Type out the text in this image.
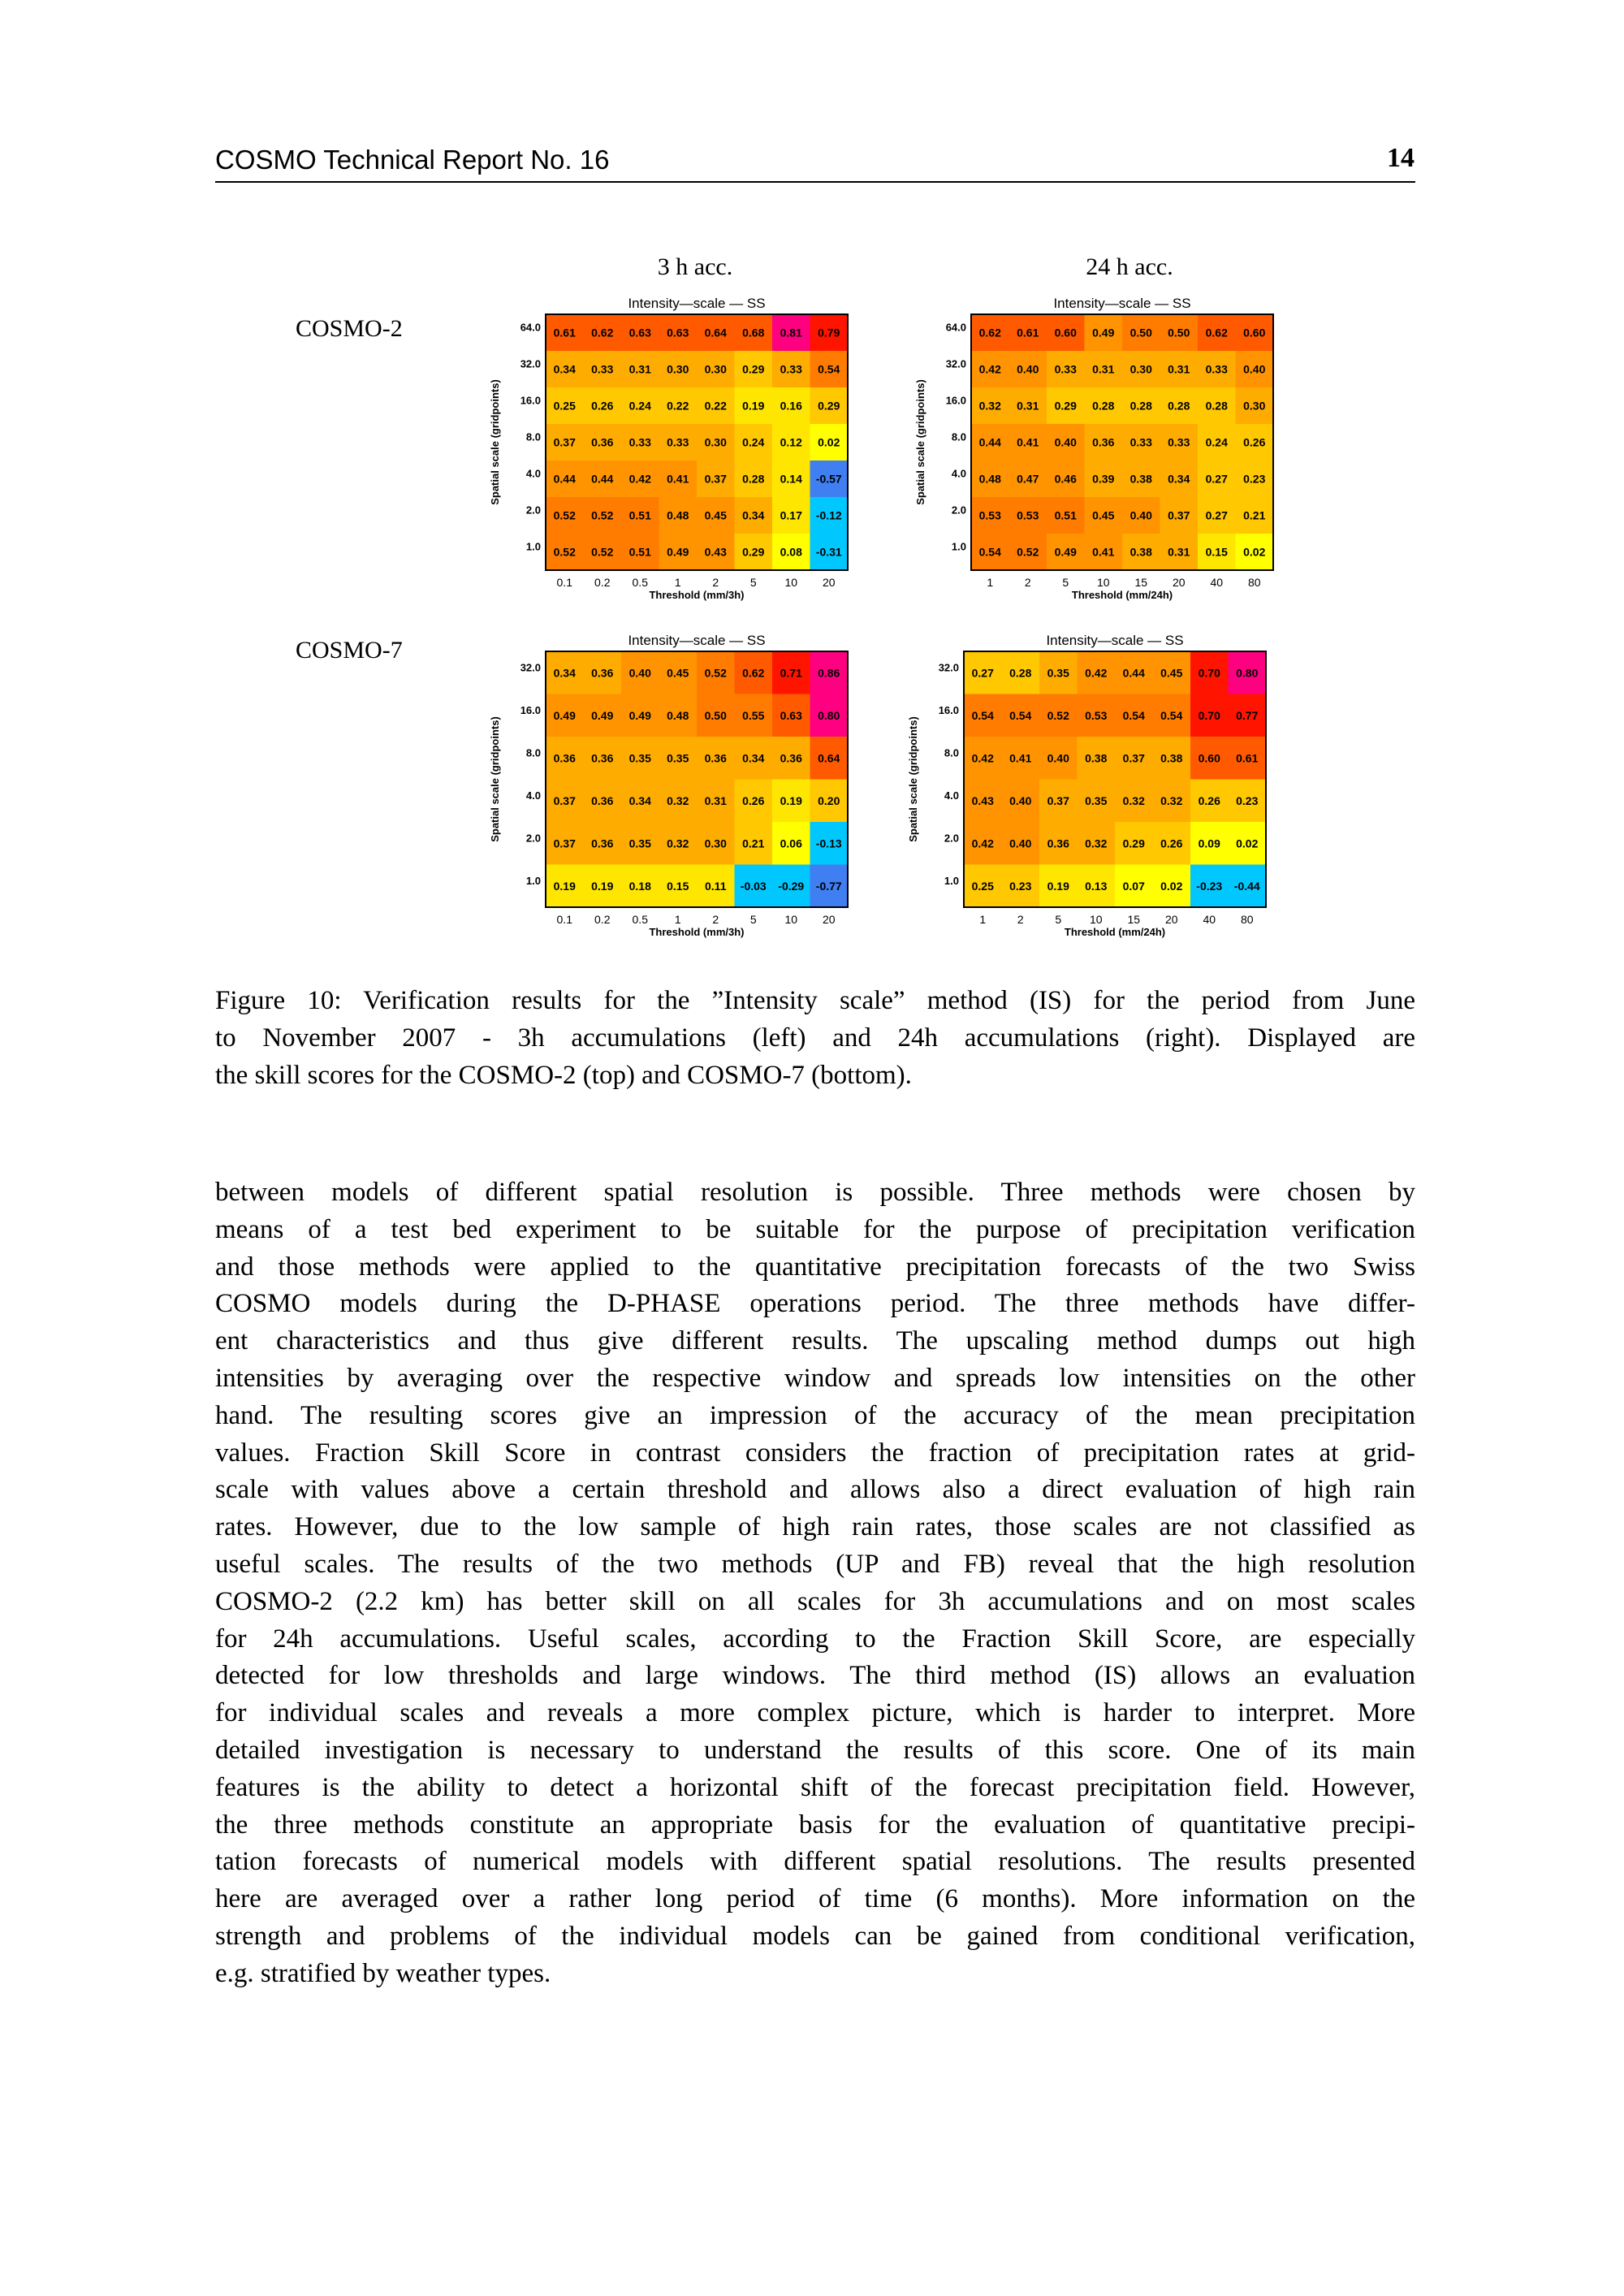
COSMO Technical Report No. 16	14
3 h acc.	24 h acc.
COSMO-2
COSMO-7
Intensity—scale — SS
0.61 0.62 0.63 0.63 0.64 0.68 0.81 0.79
0.34 0.33 0.31 0.30 0.30 0.29 0.33 0.54
0.25 0.26 0.24 0.22 0.22 0.19 0.16 0.29
0.37 0.36 0.33 0.33 0.30 0.24 0.12 0.02
0.44 0.44 0.42 0.41 0.37 0.28 0.14 -0.57
0.52 0.52 0.51 0.48 0.45 0.34 0.17 -0.12
0.52 0.52 0.51 0.49 0.43 0.29 0.08 -0.31
64.0
32.0
16.0
8.0
4.0
2.0
1.0
0.1 0.2 0.5 1	2	5 10 20
Threshold (mm/3h)
Spatial scale (gridpoints)
Intensity—scale — SS
0.62 0.61 0.60 0.49 0.50 0.50 0.62 0.60
0.42 0.40 0.33 0.31 0.30 0.31 0.33 0.40
0.32 0.31 0.29 0.28 0.28 0.28 0.28 0.30
0.44 0.41 0.40 0.36 0.33 0.33 0.24 0.26
0.48 0.47 0.46 0.39 0.38 0.34 0.27 0.23
0.53 0.53 0.51 0.45 0.40 0.37 0.27 0.21
0.54 0.52 0.49 0.41 0.38 0.31 0.15 0.02
64.0
32.0
16.0
8.0
4.0
2.0
1.0
1	2	5 10 15 20 40 80
Threshold (mm/24h)
Spatial scale (gridpoints)
Intensity—scale — SS
0.34 0.36 0.40 0.45 0.52 0.62 0.71 0.86
0.49 0.49 0.49 0.48 0.50 0.55 0.63 0.80
0.36 0.36 0.35 0.35 0.36 0.34 0.36 0.64
0.37 0.36 0.34 0.32 0.31 0.26 0.19 0.20
0.37 0.36 0.35 0.32 0.30 0.21 0.06 -0.13
0.19 0.19 0.18 0.15 0.11 -0.03 -0.29 -0.77
32.0
16.0
8.0
4.0
2.0
1.0
0.1 0.2 0.5 1	2	5 10 20
Threshold (mm/3h)
Spatial scale (gridpoints)
Intensity—scale — SS
0.27 0.28 0.35 0.42 0.44 0.45 0.70 0.80
0.54 0.54 0.52 0.53 0.54 0.54 0.70 0.77
0.42 0.41 0.40 0.38 0.37 0.38 0.60 0.61
0.43 0.40 0.37 0.35 0.32 0.32 0.26 0.23
0.42 0.40 0.36 0.32 0.29 0.26 0.09 0.02
0.25 0.23 0.19 0.13 0.07 0.02 -0.23 -0.44
32.0
16.0
8.0
4.0
2.0
1.0
1	2	5 10 15 20 40 80
Threshold (mm/24h)
Spatial scale (gridpoints)
Figure 10: Verification results for the ”Intensity scale” method (IS) for the period from June
to November 2007 - 3h accumulations (left) and 24h accumulations (right). Displayed are
the skill scores for the COSMO-2 (top) and COSMO-7 (bottom).
between models of different spatial resolution is possible. Three methods were chosen by
means of a test bed experiment to be suitable for the purpose of precipitation verification
and those methods were applied to the quantitative precipitation forecasts of the two Swiss
COSMO models during the D-PHASE operations period. The three methods have differ-
ent characteristics and thus give different results. The upscaling method dumps out high
intensities by averaging over the respective window and spreads low intensities on the other
hand. The resulting scores give an impression of the accuracy of the mean precipitation
values. Fraction Skill Score in contrast considers the fraction of precipitation rates at grid-
scale with values above a certain threshold and allows also a direct evaluation of high rain
rates. However, due to the low sample of high rain rates, those scales are not classified as
useful scales. The results of the two methods (UP and FB) reveal that the high resolution
COSMO-2 (2.2 km) has better skill on all scales for 3h accumulations and on most scales
for 24h accumulations. Useful scales, according to the Fraction Skill Score, are especially
detected for low thresholds and large windows. The third method (IS) allows an evaluation
for individual scales and reveals a more complex picture, which is harder to interpret. More
detailed investigation is necessary to understand the results of this score. One of its main
features is the ability to detect a horizontal shift of the forecast precipitation field. However,
the three methods constitute an appropriate basis for the evaluation of quantitative precipi-
tation forecasts of numerical models with different spatial resolutions. The results presented
here are averaged over a rather long period of time (6 months). More information on the
strength and problems of the individual models can be gained from conditional verification,
e.g. stratified by weather types.
